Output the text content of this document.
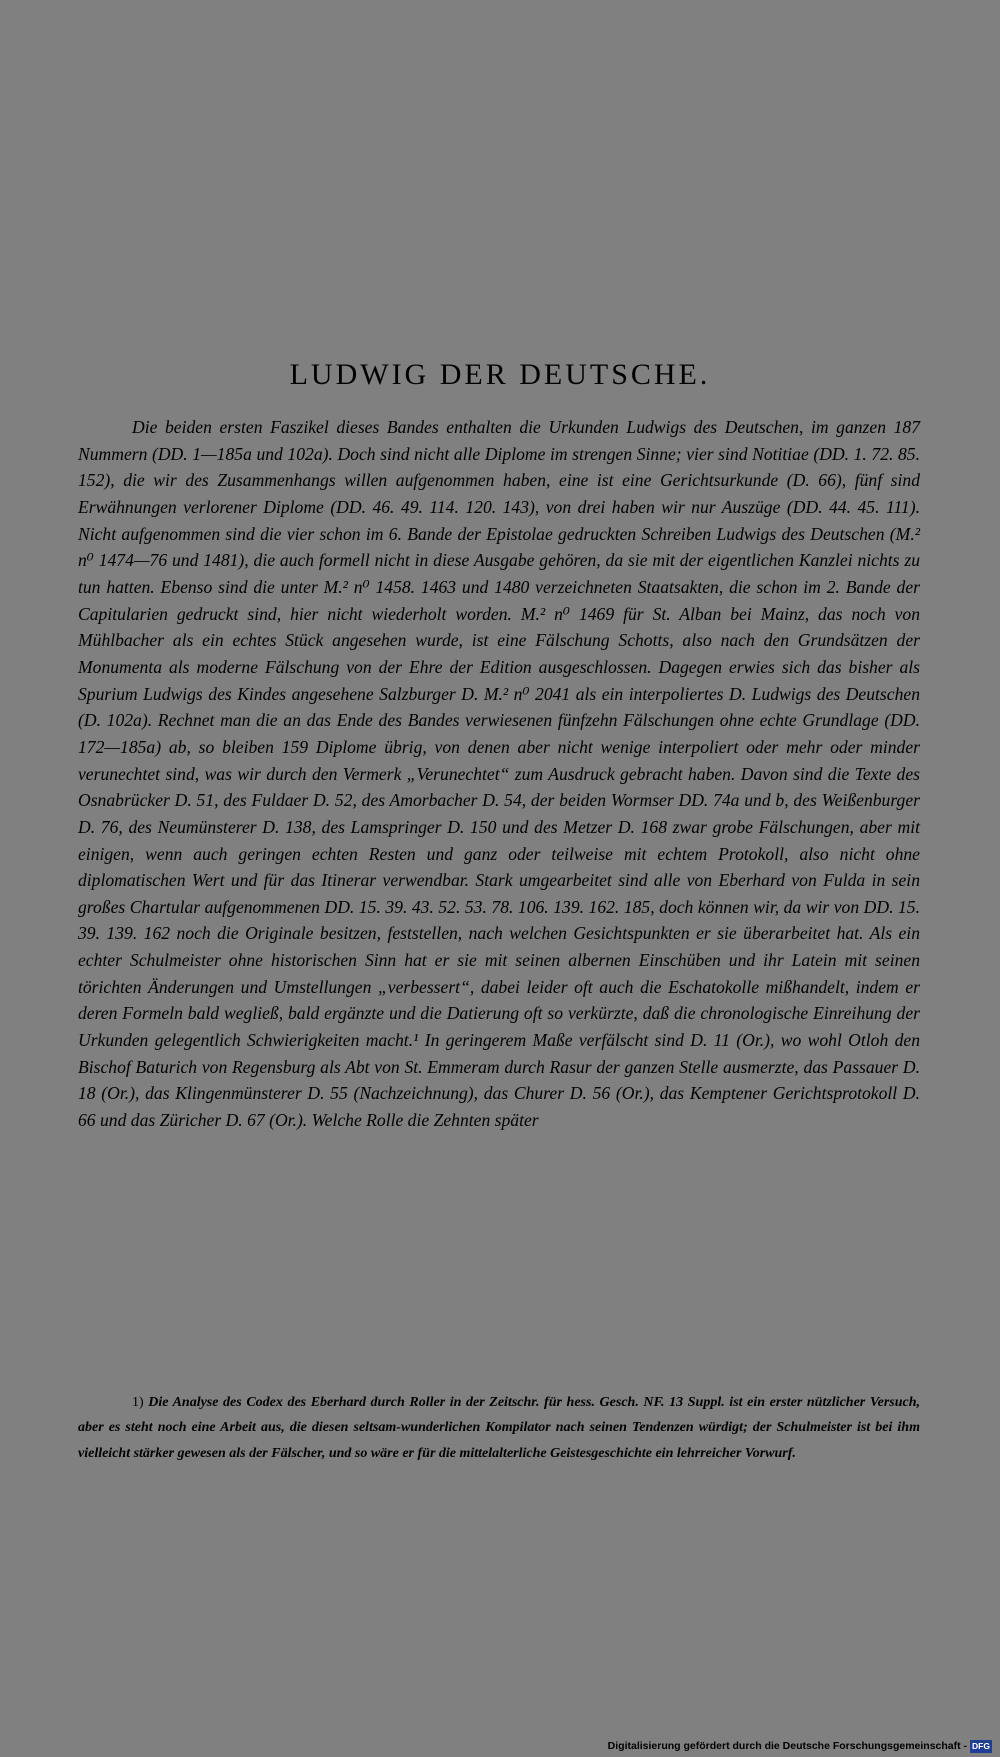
LUDWIG DER DEUTSCHE.

Die beiden ersten Faszikel dieses Bandes enthalten die Urkunden Ludwigs des Deutschen, im ganzen 187 Nummern (DD. 1—185a und 102a). Doch sind nicht alle Diplome im strengen Sinne; vier sind Notitiae (DD. 1. 72. 85. 152), die wir des Zusammenhangs willen aufgenommen haben, eine ist eine Gerichtsurkunde (D. 66), fünf sind Erwähnungen verlorener Diplome (DD. 46. 49. 114. 120. 143), von drei haben wir nur Auszüge (DD. 44. 45. 111). Nicht aufgenommen sind die vier schon im 6. Bande der Epistolae gedruckten Schreiben Ludwigs des Deutschen (M.² n⁰ 1474—76 und 1481), die auch formell nicht in diese Ausgabe gehören, da sie mit der eigentlichen Kanzlei nichts zu tun hatten. Ebenso sind die unter M.² n⁰ 1458. 1463 und 1480 verzeichneten Staatsakten, die schon im 2. Bande der Capitularien gedruckt sind, hier nicht wiederholt worden. M.² n⁰ 1469 für St. Alban bei Mainz, das noch von Mühlbacher als ein echtes Stück angesehen wurde, ist eine Fälschung Schotts, also nach den Grundsätzen der Monumenta als moderne Fälschung von der Ehre der Edition ausgeschlossen. Dagegen erwies sich das bisher als Spurium Ludwigs des Kindes angesehene Salzburger D. M.² n⁰ 2041 als ein interpoliertes D. Ludwigs des Deutschen (D. 102a). Rechnet man die an das Ende des Bandes verwiesenen fünfzehn Fälschungen ohne echte Grundlage (DD. 172—185a) ab, so bleiben 159 Diplome übrig, von denen aber nicht wenige interpoliert oder mehr oder minder verunechtet sind, was wir durch den Vermerk „Verunechtet“ zum Ausdruck gebracht haben. Davon sind die Texte des Osnabrücker D. 51, des Fuldaer D. 52, des Amorbacher D. 54, der beiden Wormser DD. 74a und b, des Weißenburger D. 76, des Neumünsterer D. 138, des Lamspringer D. 150 und des Metzer D. 168 zwar grobe Fälschungen, aber mit einigen, wenn auch geringen echten Resten und ganz oder teilweise mit echtem Protokoll, also nicht ohne diplomatischen Wert und für das Itinerar verwendbar. Stark umgearbeitet sind alle von Eberhard von Fulda in sein großes Chartular aufgenommenen DD. 15. 39. 43. 52. 53. 78. 106. 139. 162. 185, doch können wir, da wir von DD. 15. 39. 139. 162 noch die Originale besitzen, feststellen, nach welchen Gesichtspunkten er sie überarbeitet hat. Als ein echter Schulmeister ohne historischen Sinn hat er sie mit seinen albernen Einschüben und ihr Latein mit seinen törichten Änderungen und Umstellungen „verbessert“, dabei leider oft auch die Eschatokolle mißhandelt, indem er deren Formeln bald wegließ, bald ergänzte und die Datierung oft so verkürzte, daß die chronologische Einreihung der Urkunden gelegentlich Schwierigkeiten macht.¹ In geringerem Maße verfälscht sind D. 11 (Or.), wo wohl Otloh den Bischof Baturich von Regensburg als Abt von St. Emmeram durch Rasur der ganzen Stelle ausmerzte, das Passauer D. 18 (Or.), das Klingenmünsterer D. 55 (Nachzeichnung), das Churer D. 56 (Or.), das Kemptener Gerichtsprotokoll D. 66 und das Züricher D. 67 (Or.). Welche Rolle die Zehnten später

1) Die Analyse des Codex des Eberhard durch Roller in der Zeitschr. für hess. Gesch. NF. 13 Suppl. ist ein erster nützlicher Versuch, aber es steht noch eine Arbeit aus, die diesen seltsam-wunderlichen Kompilator nach seinen Tendenzen würdigt; der Schulmeister ist bei ihm vielleicht stärker gewesen als der Fälscher, und so wäre er für die mittelalterliche Geistesgeschichte ein lehrreicher Vorwurf.

Digitalisierung gefördert durch die Deutsche Forschungsgemeinschaft - DFG
